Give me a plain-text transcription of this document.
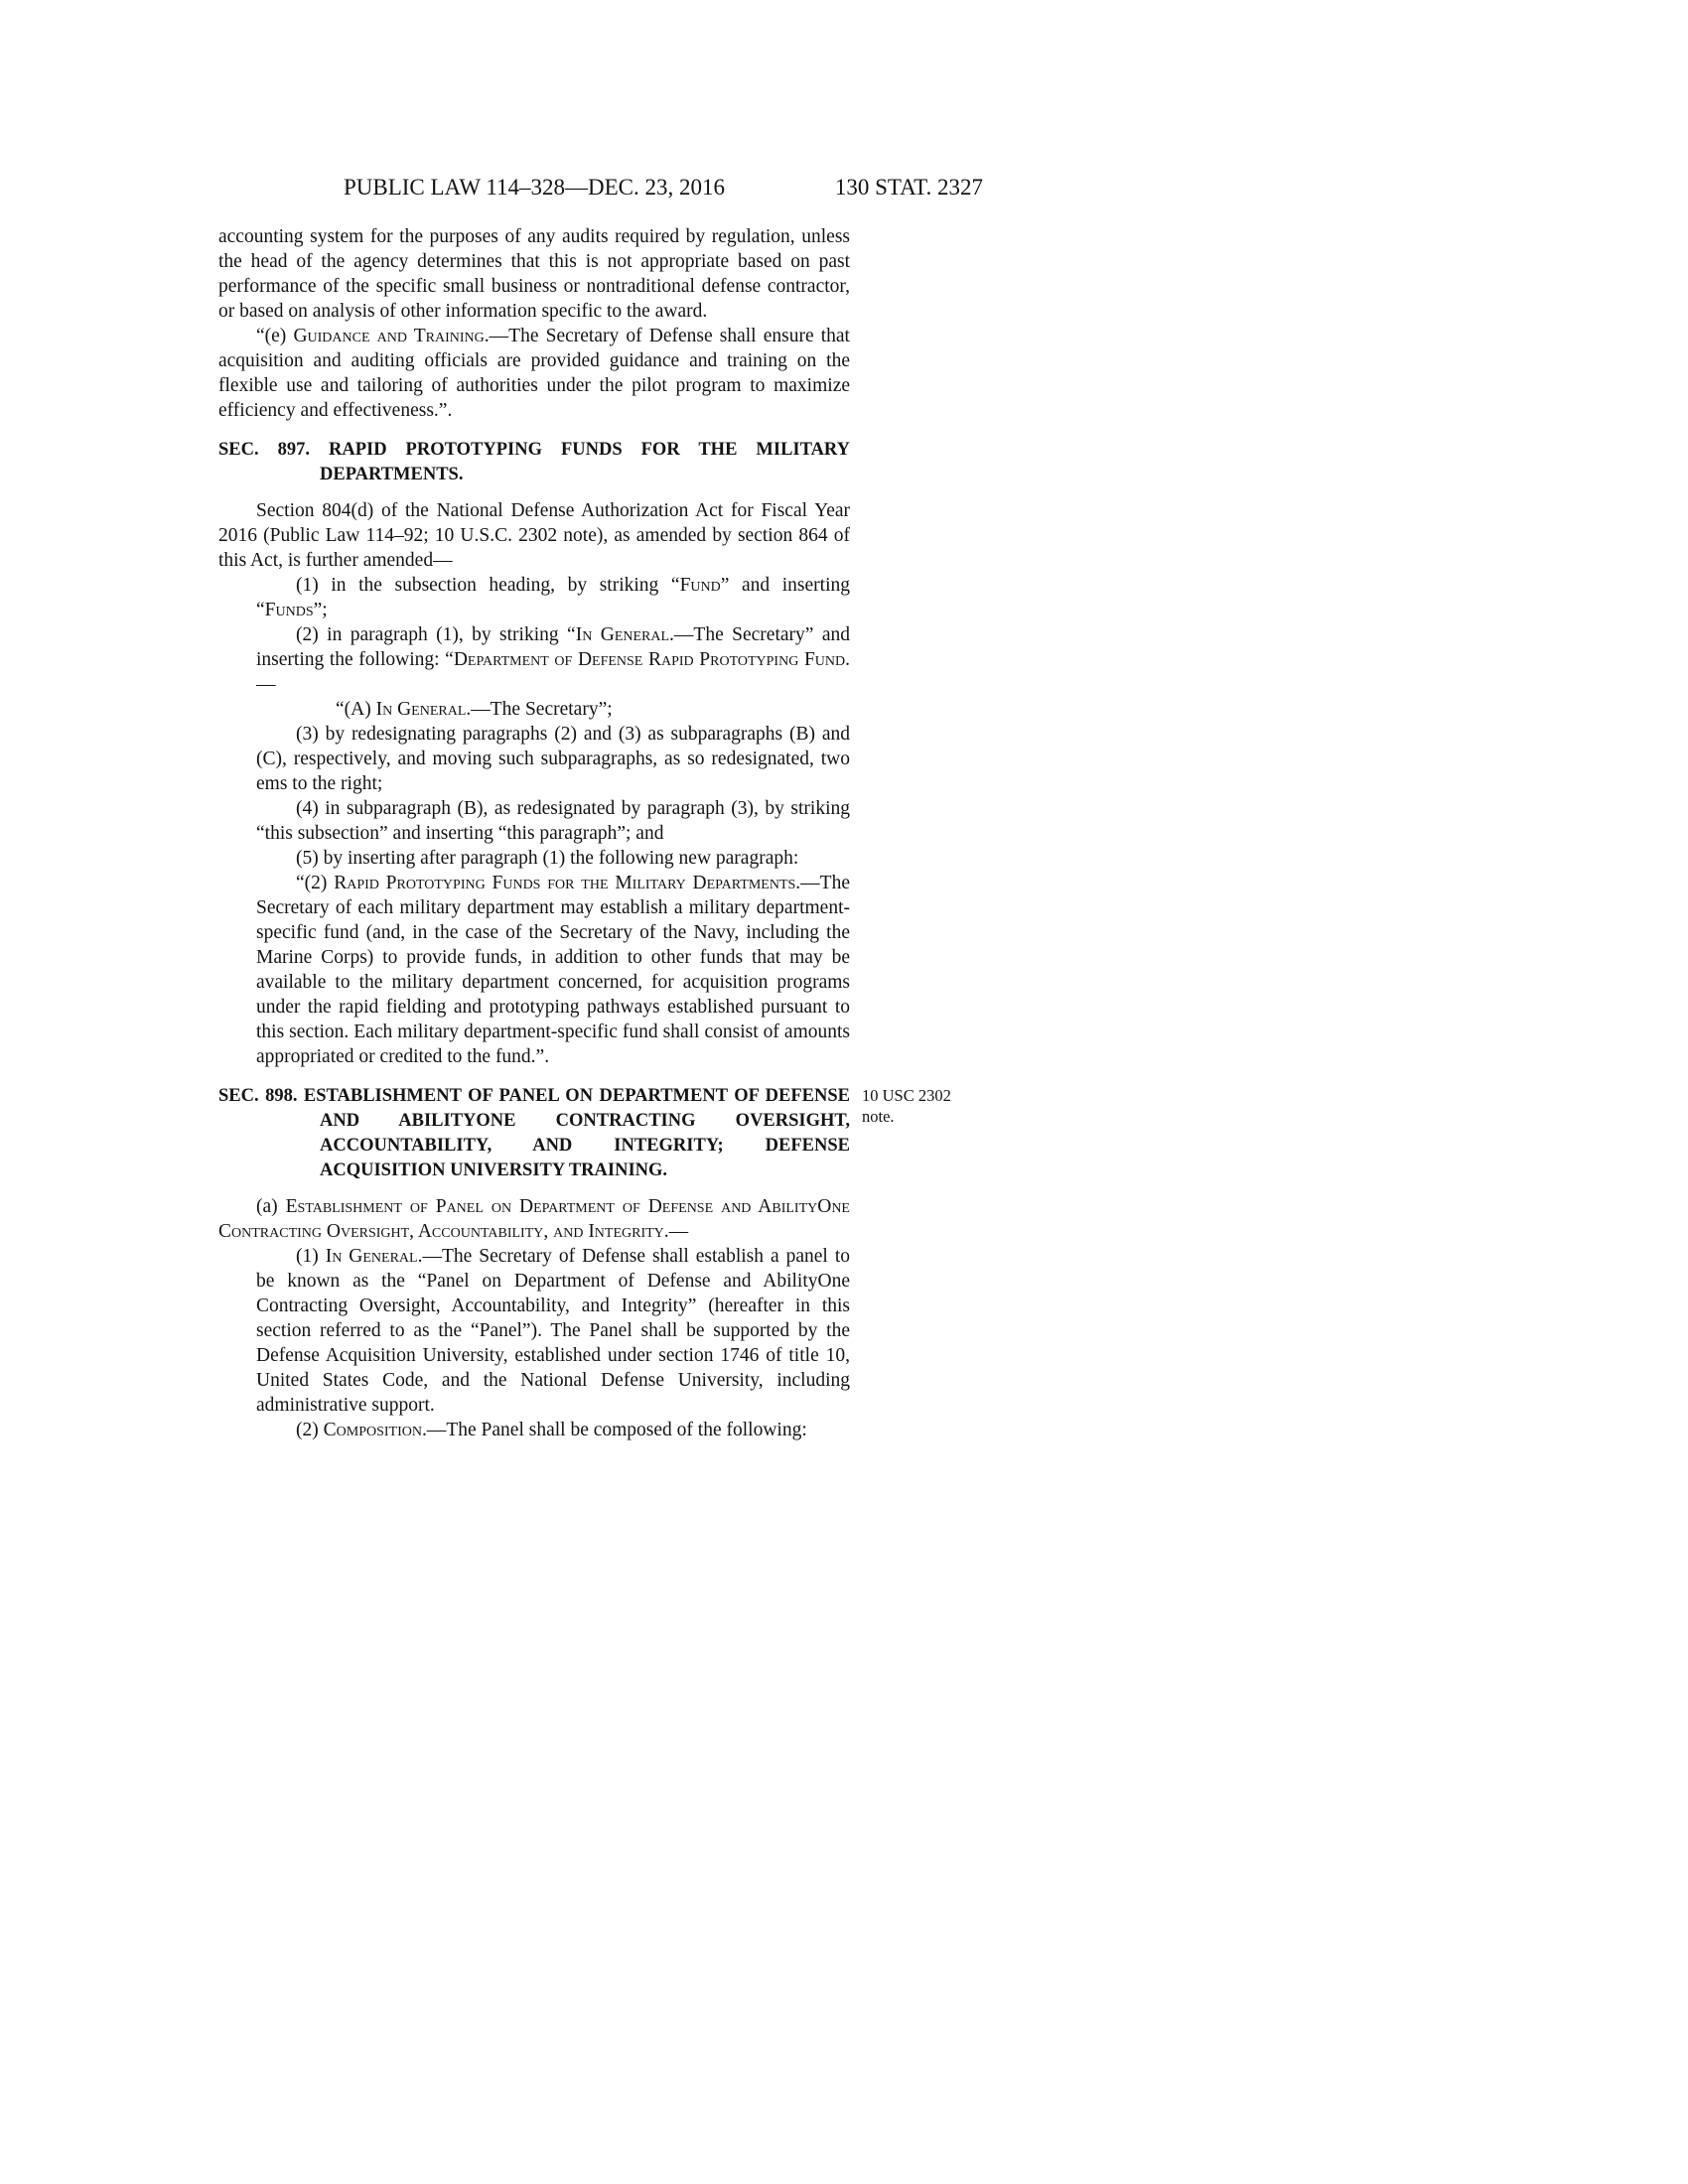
PUBLIC LAW 114–328—DEC. 23, 2016	130 STAT. 2327
accounting system for the purposes of any audits required by regulation, unless the head of the agency determines that this is not appropriate based on past performance of the specific small business or nontraditional defense contractor, or based on analysis of other information specific to the award.
“(e) Guidance and Training.—The Secretary of Defense shall ensure that acquisition and auditing officials are provided guidance and training on the flexible use and tailoring of authorities under the pilot program to maximize efficiency and effectiveness.”.
SEC. 897. RAPID PROTOTYPING FUNDS FOR THE MILITARY DEPARTMENTS.
Section 804(d) of the National Defense Authorization Act for Fiscal Year 2016 (Public Law 114–92; 10 U.S.C. 2302 note), as amended by section 864 of this Act, is further amended—
(1) in the subsection heading, by striking “Fund” and inserting “Funds”;
(2) in paragraph (1), by striking “In General.—The Secretary” and inserting the following: “Department of Defense Rapid Prototyping Fund.—
“(A) In General.—The Secretary”;
(3) by redesignating paragraphs (2) and (3) as subparagraphs (B) and (C), respectively, and moving such subparagraphs, as so redesignated, two ems to the right;
(4) in subparagraph (B), as redesignated by paragraph (3), by striking “this subsection” and inserting “this paragraph”; and
(5) by inserting after paragraph (1) the following new paragraph:
“(2) Rapid Prototyping Funds for the Military Departments.—The Secretary of each military department may establish a military department-specific fund (and, in the case of the Secretary of the Navy, including the Marine Corps) to provide funds, in addition to other funds that may be available to the military department concerned, for acquisition programs under the rapid fielding and prototyping pathways established pursuant to this section. Each military department-specific fund shall consist of amounts appropriated or credited to the fund.”.
SEC. 898. ESTABLISHMENT OF PANEL ON DEPARTMENT OF DEFENSE AND ABILITYONE CONTRACTING OVERSIGHT, ACCOUNTABILITY, AND INTEGRITY; DEFENSE ACQUISITION UNIVERSITY TRAINING.
10 USC 2302 note.
(a) Establishment of Panel on Department of Defense and AbilityOne Contracting Oversight, Accountability, and Integrity.—
(1) In General.—The Secretary of Defense shall establish a panel to be known as the “Panel on Department of Defense and AbilityOne Contracting Oversight, Accountability, and Integrity” (hereafter in this section referred to as the “Panel”). The Panel shall be supported by the Defense Acquisition University, established under section 1746 of title 10, United States Code, and the National Defense University, including administrative support.
(2) Composition.—The Panel shall be composed of the following:
